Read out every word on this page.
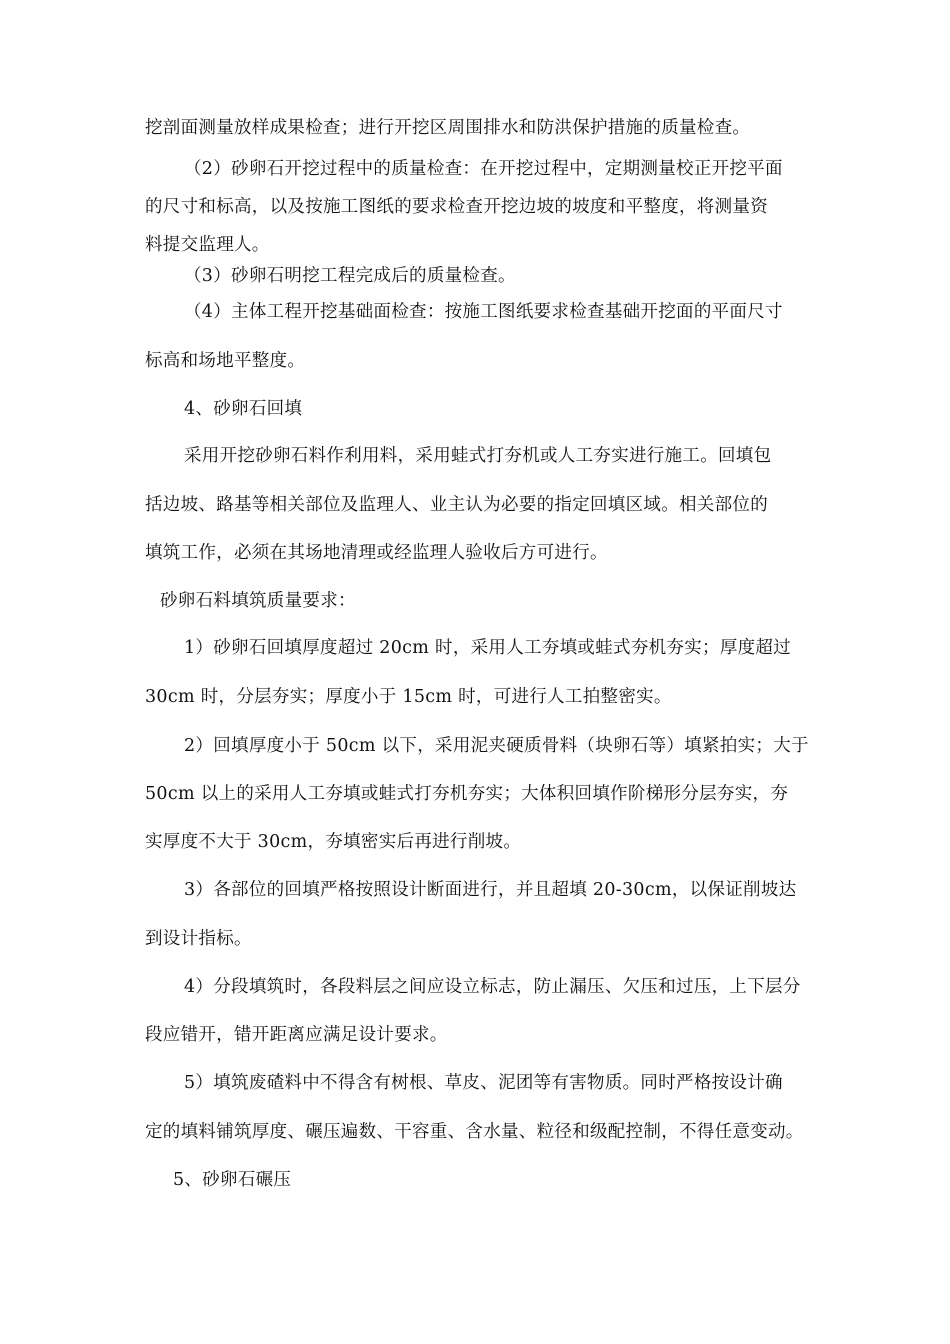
挖剖面测量放样成果检查；进行开挖区周围排水和防洪保护措施的质量检查。
（2）砂卵石开挖过程中的质量检查：在开挖过程中，定期测量校正开挖平面
的尺寸和标高，以及按施工图纸的要求检查开挖边坡的坡度和平整度，将测量资
料提交监理人。
（3）砂卵石明挖工程完成后的质量检查。
（4）主体工程开挖基础面检查：按施工图纸要求检查基础开挖面的平面尺寸
标高和场地平整度。
4、砂卵石回填
采用开挖砂卵石料作利用料，采用蛙式打夯机或人工夯实进行施工。回填包
括边坡、路基等相关部位及监理人、业主认为必要的指定回填区域。相关部位的
填筑工作，必须在其场地清理或经监理人验收后方可进行。
砂卵石料填筑质量要求：
1）砂卵石回填厚度超过 20cm 时，采用人工夯填或蛙式夯机夯实；厚度超过
30cm 时，分层夯实；厚度小于 15cm 时，可进行人工拍整密实。
2）回填厚度小于 50cm 以下，采用泥夹硬质骨料（块卵石等）填紧拍实；大于
50cm 以上的采用人工夯填或蛙式打夯机夯实；大体积回填作阶梯形分层夯实，夯
实厚度不大于 30cm，夯填密实后再进行削坡。
3）各部位的回填严格按照设计断面进行，并且超填 20-30cm，以保证削坡达
到设计指标。
4）分段填筑时，各段料层之间应设立标志，防止漏压、欠压和过压，上下层分
段应错开，错开距离应满足设计要求。
5）填筑废碴料中不得含有树根、草皮、泥团等有害物质。同时严格按设计确
定的填料铺筑厚度、碾压遍数、干容重、含水量、粒径和级配控制，不得任意变动。
5、砂卵石碾压
